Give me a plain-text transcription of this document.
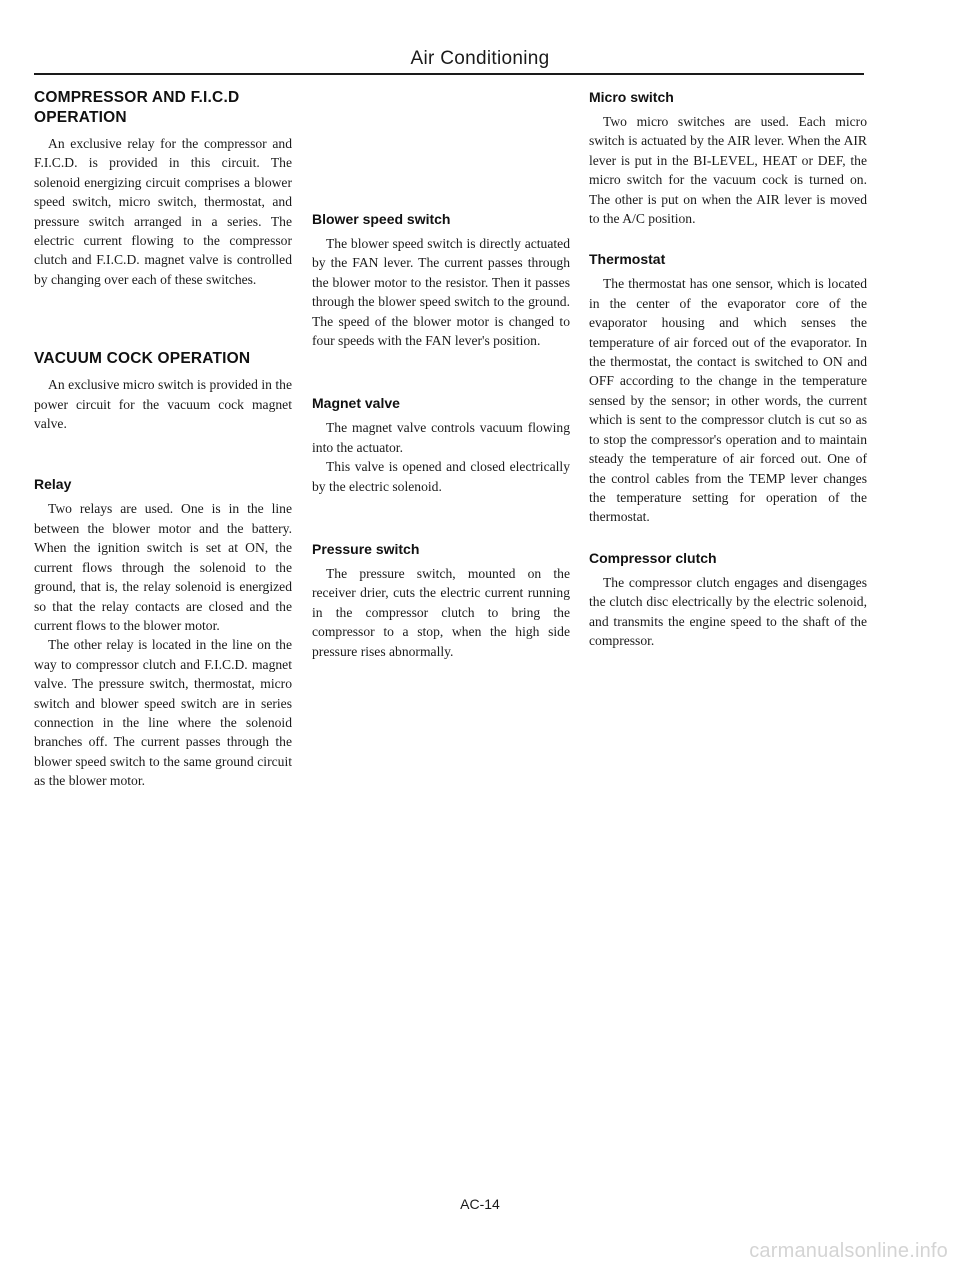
Air Conditioning
COMPRESSOR AND F.I.C.D
OPERATION

An exclusive relay for the compressor and F.I.C.D. is provided in this circuit. The solenoid energizing circuit comprises a blower speed switch, micro switch, thermostat, and pressure switch arranged in a series. The electric current flowing to the compressor clutch and F.I.C.D. magnet valve is controlled by changing over each of these switches.

VACUUM COCK OPERATION

An exclusive micro switch is provided in the power circuit for the vacuum cock magnet valve.

Relay

Two relays are used. One is in the line between the blower motor and the battery. When the ignition switch is set at ON, the current flows through the solenoid to the ground, that is, the relay solenoid is energized so that the relay contacts are closed and the current flows to the blower motor.

The other relay is located in the line on the way to compressor clutch and F.I.C.D. magnet valve. The pressure switch, thermostat, micro switch and blower speed switch are in series connection in the line where the solenoid branches off. The current passes through the blower speed switch to the same ground circuit as the blower motor.

Blower speed switch

The blower speed switch is directly actuated by the FAN lever. The current passes through the blower motor to the resistor. Then it passes through the blower speed switch to the ground. The speed of the blower motor is changed to four speeds with the FAN lever's position.

Magnet valve

The magnet valve controls vacuum flowing into the actuator.

This valve is opened and closed electrically by the electric solenoid.

Pressure switch

The pressure switch, mounted on the receiver drier, cuts the electric current running in the compressor clutch to bring the compressor to a stop, when the high side pressure rises abnormally.

Micro switch

Two micro switches are used. Each micro switch is actuated by the AIR lever. When the AIR lever is put in the BI-LEVEL, HEAT or DEF, the micro switch for the vacuum cock is turned on. The other is put on when the AIR lever is moved to the A/C position.

Thermostat

The thermostat has one sensor, which is located in the center of the evaporator core of the evaporator housing and which senses the temperature of air forced out of the evaporator. In the thermostat, the contact is switched to ON and OFF according to the change in the temperature sensed by the sensor; in other words, the current which is sent to the compressor clutch is cut so as to stop the compressor's operation and to maintain steady the temperature of air forced out. One of the control cables from the TEMP lever changes the temperature setting for operation of the thermostat.

Compressor clutch

The compressor clutch engages and disengages the clutch disc electrically by the electric solenoid, and transmits the engine speed to the shaft of the compressor.

AC-14
carmanualsonline.info
